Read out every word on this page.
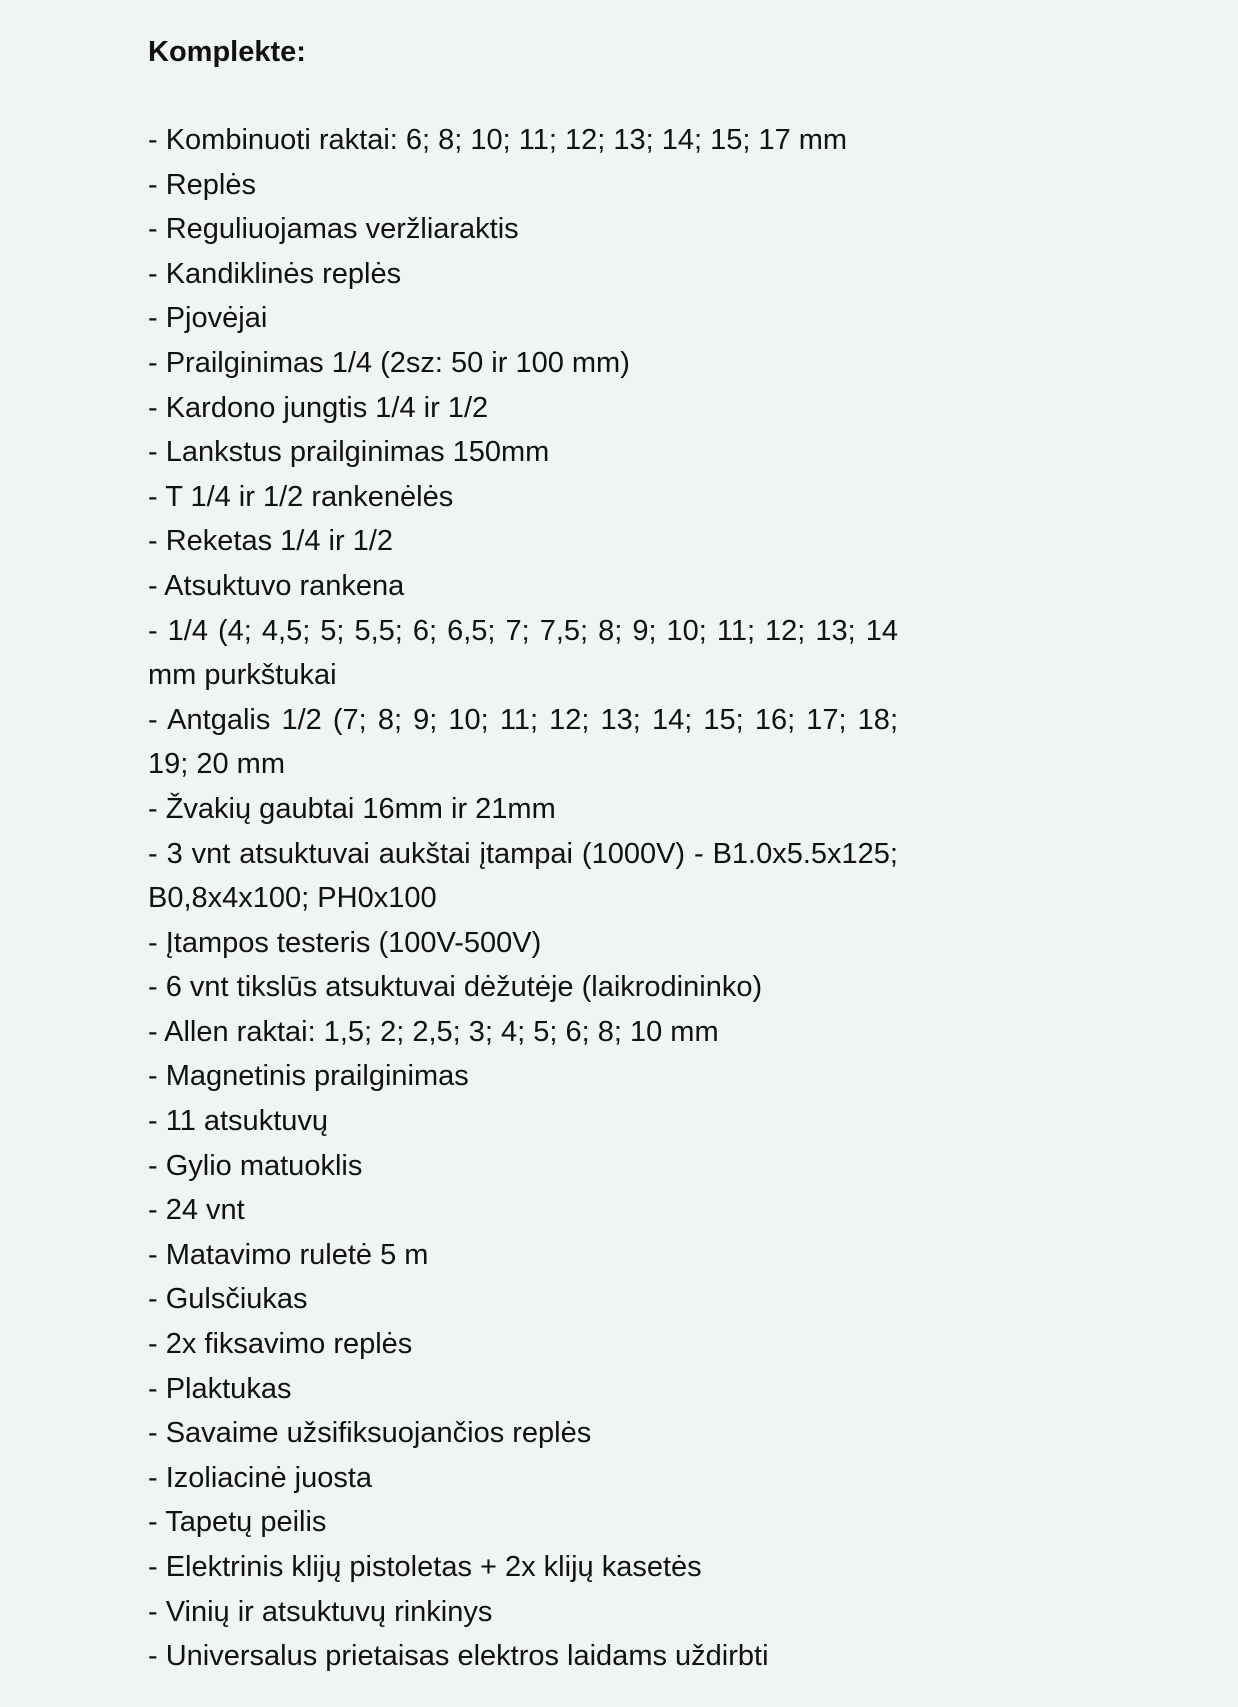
Komplekte:
- Kombinuoti raktai: 6; 8; 10; 11; 12; 13; 14; 15; 17 mm
- Replės
- Reguliuojamas veržliaraktis
- Kandiklinės replės
- Pjovėjai
- Prailginimas 1/4 (2sz: 50 ir 100 mm)
- Kardono jungtis 1/4 ir 1/2
- Lankstus prailginimas 150mm
- T 1/4 ir 1/2 rankenėlės
- Reketas 1/4 ir 1/2
- Atsuktuvo rankena
- 1/4 (4; 4,5; 5; 5,5; 6; 6,5; 7; 7,5; 8; 9; 10; 11; 12; 13; 14 mm purkštukai
- Antgalis 1/2 (7; 8; 9; 10; 11; 12; 13; 14; 15; 16; 17; 18; 19; 20 mm
- Žvakių gaubtai 16mm ir 21mm
- 3 vnt atsuktuvai aukštai įtampai (1000V) - B1.0x5.5x125; B0,8x4x100; PH0x100
- Įtampos testeris (100V-500V)
- 6 vnt tikslūs atsuktuvai dėžutėje (laikrodininko)
- Allen raktai: 1,5; 2; 2,5; 3; 4; 5; 6; 8; 10 mm
- Magnetinis prailginimas
- 11 atsuktuvų
- Gylio matuoklis
- 24 vnt
- Matavimo ruletė 5 m
- Gulsčiukas
- 2x fiksavimo replės
- Plaktukas
- Savaime užsifiksuojančios replės
- Izoliacinė juosta
- Tapetų peilis
- Elektrinis klijų pistoletas + 2x klijų kasetės
- Vinių ir atsuktuvų rinkinys
- Universalus prietaisas elektros laidams uždirbti
